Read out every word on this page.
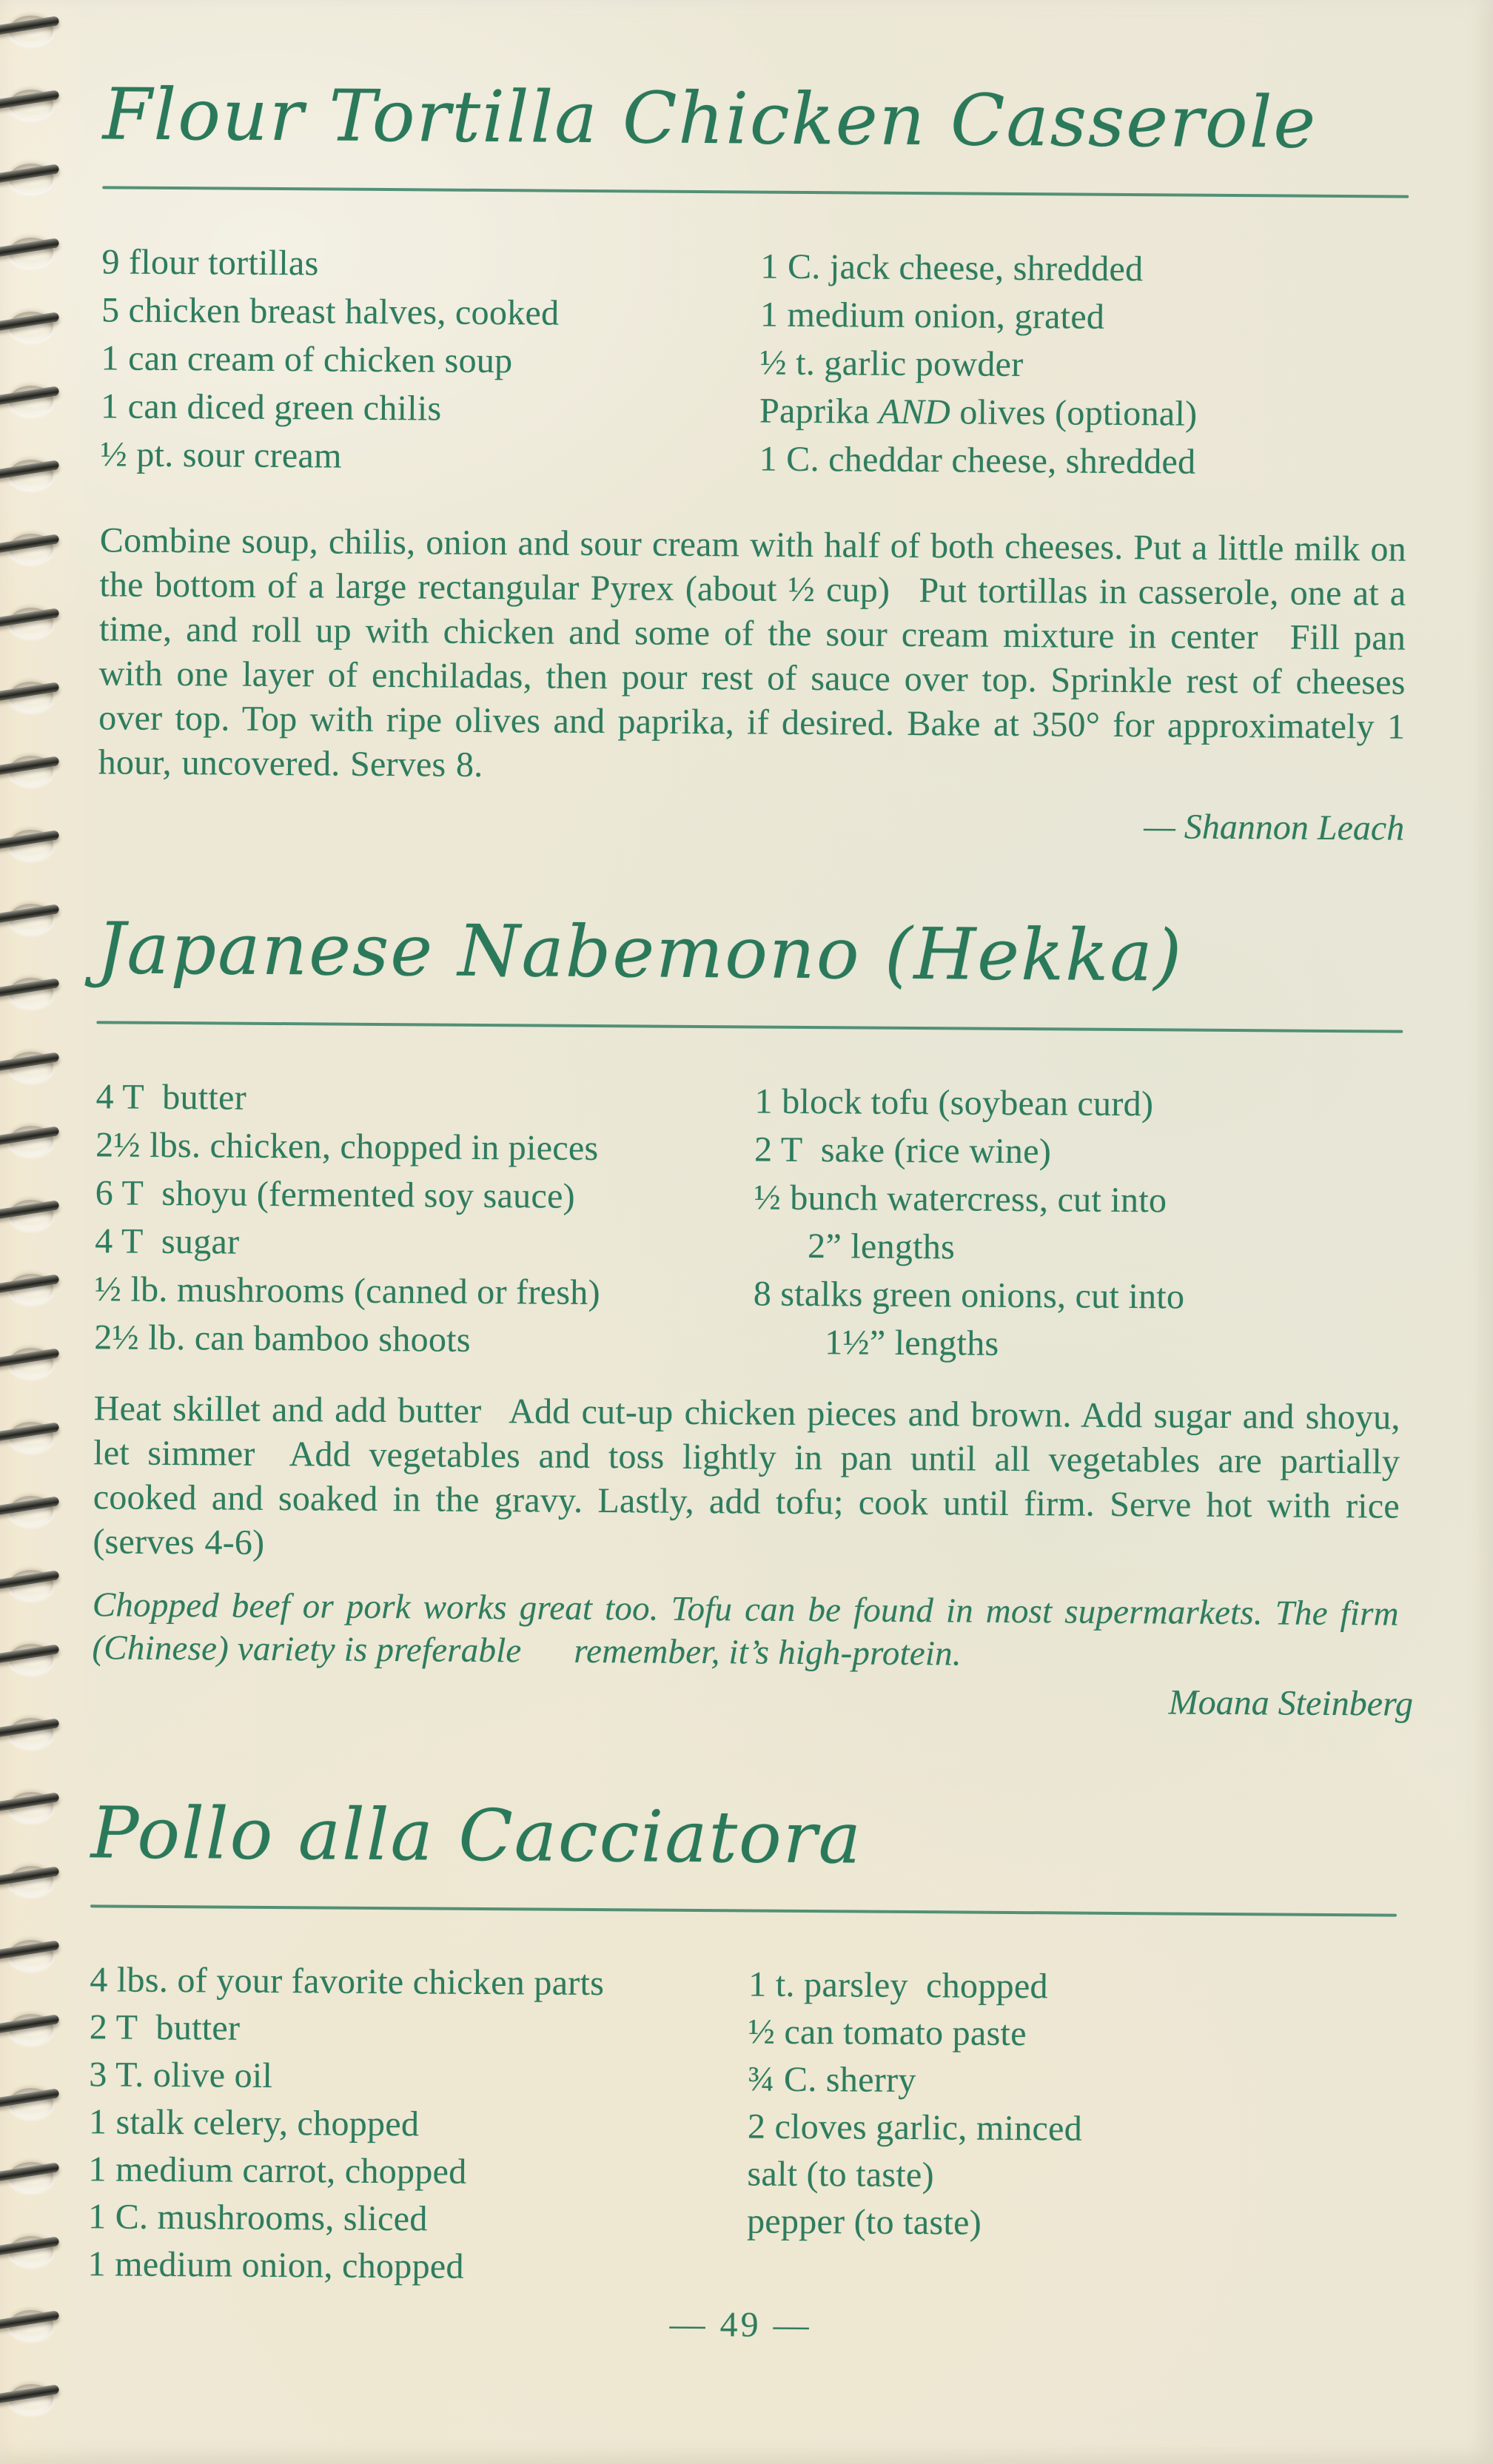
Flour Tortilla Chicken Casserole
9 flour tortillas
5 chicken breast halves, cooked
1 can cream of chicken soup
1 can diced green chilis
½ pt. sour cream
1 C. jack cheese, shredded
1 medium onion, grated
½ t. garlic powder
Paprika AND olives (optional)
1 C. cheddar cheese, shredded

Combine soup, chilis, onion and sour cream with half of both cheeses. Put a little milk on the bottom of a large rectangular Pyrex (about ½ cup)  Put tortillas in casserole, one at a time, and roll up with chicken and some of the sour cream mixture in center  Fill pan with one layer of enchiladas, then pour rest of sauce over top. Sprinkle rest of cheeses over top. Top with ripe olives and paprika, if desired. Bake at 350° for approximately 1 hour, uncovered. Serves 8.

— Shannon Leach
Japanese Nabemono (Hekka)
4 T butter
2½ lbs. chicken, chopped in pieces
6 T shoyu (fermented soy sauce)
4 T sugar
½ lb. mushrooms (canned or fresh)
2½ lb. can bamboo shoots
1 block tofu (soybean curd)
2 T sake (rice wine)
½ bunch watercress, cut into
   2” lengths
8 stalks green onions, cut into
   1½” lengths

Heat skillet and add butter  Add cut-up chicken pieces and brown. Add sugar and shoyu, let simmer  Add vegetables and toss lightly in pan until all vegetables are partially cooked and soaked in the gravy. Lastly, add tofu; cook until firm. Serve hot with rice (serves 4-6)

Chopped beef or pork works great too. Tofu can be found in most supermarkets. The firm (Chinese) variety is preferable  remember, it’s high-protein.

Moana Steinberg
Pollo alla Cacciatora
4 lbs. of your favorite chicken parts
2 T butter
3 T. olive oil
1 stalk celery, chopped
1 medium carrot, chopped
1 C. mushrooms, sliced
1 medium onion, chopped
1 t. parsley chopped
½ can tomato paste
¾ C. sherry
2 cloves garlic, minced
salt (to taste)
pepper (to taste)
— 49 —
